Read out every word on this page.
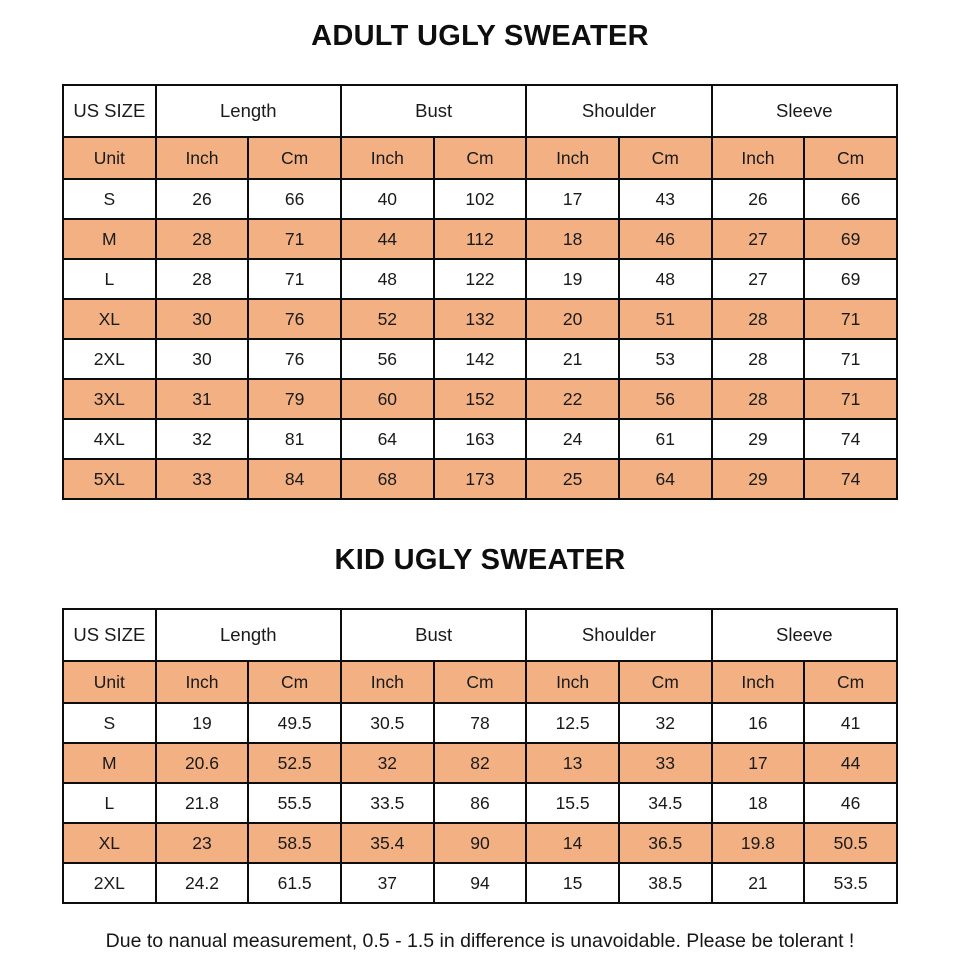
ADULT UGLY SWEATER
US SIZE	Length		Bust		Shoulder		Sleeve	
Unit	Inch	Cm	Inch	Cm	Inch	Cm	Inch	Cm
S	26	66	40	102	17	43	26	66
M	28	71	44	112	18	46	27	69
L	28	71	48	122	19	48	27	69
XL	30	76	52	132	20	51	28	71
2XL	30	76	56	142	21	53	28	71
3XL	31	79	60	152	22	56	28	71
4XL	32	81	64	163	24	61	29	74
5XL	33	84	68	173	25	64	29	74
KID UGLY SWEATER
US SIZE	Length		Bust		Shoulder		Sleeve	
Unit	Inch	Cm	Inch	Cm	Inch	Cm	Inch	Cm
S	19	49.5	30.5	78	12.5	32	16	41
M	20.6	52.5	32	82	13	33	17	44
L	21.8	55.5	33.5	86	15.5	34.5	18	46
XL	23	58.5	35.4	90	14	36.5	19.8	50.5
2XL	24.2	61.5	37	94	15	38.5	21	53.5
Due to nanual measurement, 0.5 - 1.5 in difference is unavoidable. Please be tolerant !
